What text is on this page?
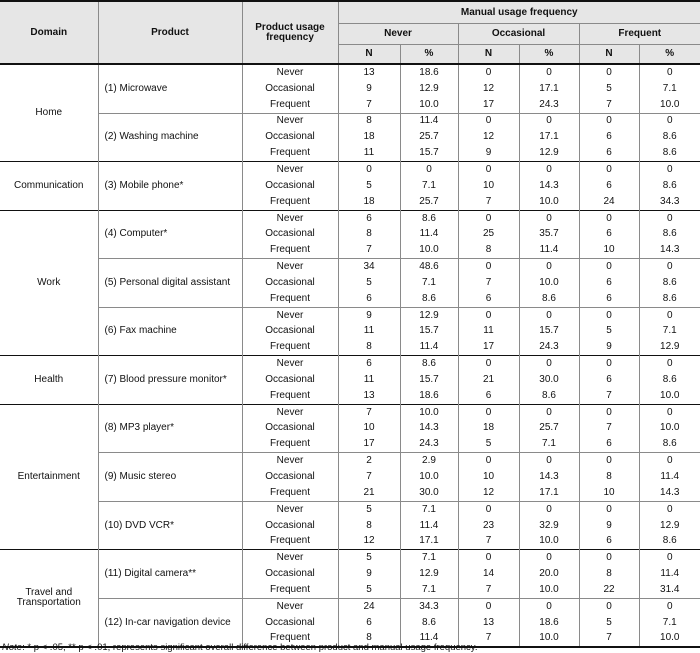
Domain	Product	Product usage frequency	Manual usage frequency					
			Never		Occasional		Frequent	
			N	%	N	%	N	%
Home	(1) Microwave	Never	13	18.6	0	0	0	0
		Occasional	9	12.9	12	17.1	5	7.1
		Frequent	7	10.0	17	24.3	7	10.0
	(2) Washing machine	Never	8	11.4	0	0	0	0
		Occasional	18	25.7	12	17.1	6	8.6
		Frequent	11	15.7	9	12.9	6	8.6
Communication	(3) Mobile phone*	Never	0	0	0	0	0	0
		Occasional	5	7.1	10	14.3	6	8.6
		Frequent	18	25.7	7	10.0	24	34.3
Work	(4) Computer*	Never	6	8.6	0	0	0	0
		Occasional	8	11.4	25	35.7	6	8.6
		Frequent	7	10.0	8	11.4	10	14.3
	(5) Personal digital assistant	Never	34	48.6	0	0	0	0
		Occasional	5	7.1	7	10.0	6	8.6
		Frequent	6	8.6	6	8.6	6	8.6
	(6) Fax machine	Never	9	12.9	0	0	0	0
		Occasional	11	15.7	11	15.7	5	7.1
		Frequent	8	11.4	17	24.3	9	12.9
Health	(7) Blood pressure monitor*	Never	6	8.6	0	0	0	0
		Occasional	11	15.7	21	30.0	6	8.6
		Frequent	13	18.6	6	8.6	7	10.0
Entertainment	(8) MP3 player*	Never	7	10.0	0	0	0	0
		Occasional	10	14.3	18	25.7	7	10.0
		Frequent	17	24.3	5	7.1	6	8.6
	(9) Music stereo	Never	2	2.9	0	0	0	0
		Occasional	7	10.0	10	14.3	8	11.4
		Frequent	21	30.0	12	17.1	10	14.3
	(10) DVD VCR*	Never	5	7.1	0	0	0	0
		Occasional	8	11.4	23	32.9	9	12.9
		Frequent	12	17.1	7	10.0	6	8.6
Travel and
Transportation	(11) Digital camera**	Never	5	7.1	0	0	0	0
		Occasional	9	12.9	14	20.0	8	11.4
		Frequent	5	7.1	7	10.0	22	31.4
	(12) In-car navigation device	Never	24	34.3	0	0	0	0
		Occasional	6	8.6	13	18.6	5	7.1
		Frequent	8	11.4	7	10.0	7	10.0
Note: * p < .05, ** p < .01, represents significant overall difference between product and manual usage frequency.
